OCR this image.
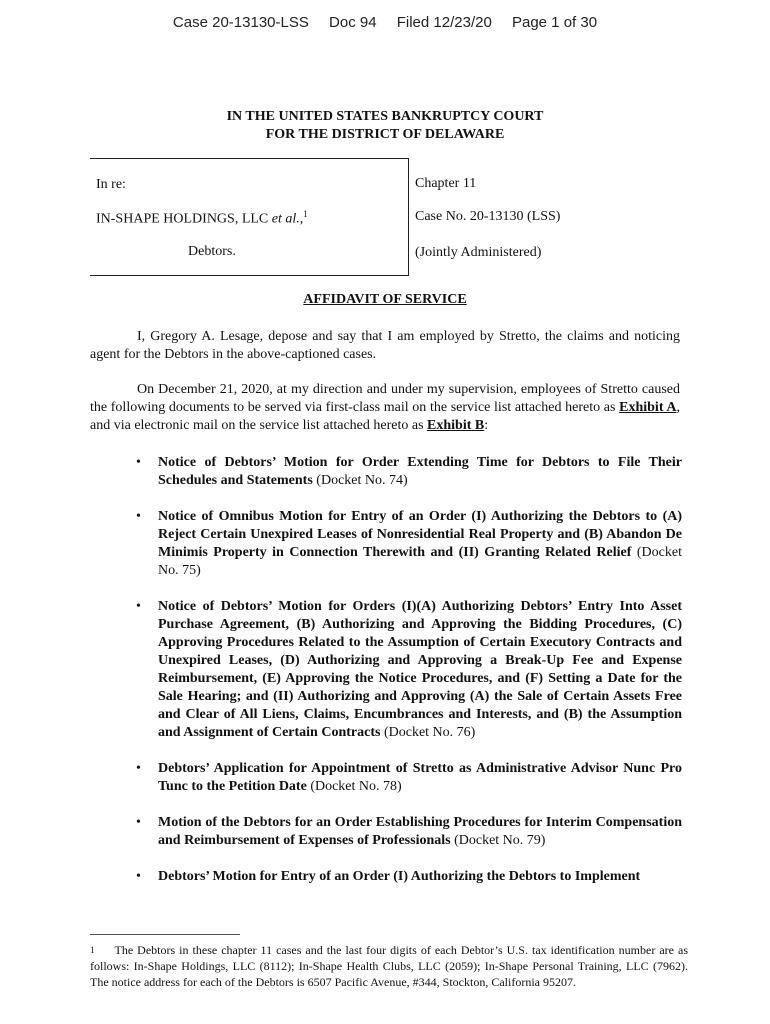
Case 20-13130-LSS Doc 94 Filed 12/23/20 Page 1 of 30
IN THE UNITED STATES BANKRUPTCY COURT
FOR THE DISTRICT OF DELAWARE
In re:
IN-SHAPE HOLDINGS, LLC et al.,$^1$
Debtors.
Chapter 11
Case No. 20-13130 (LSS)
(Jointly Administered)
AFFIDAVIT OF SERVICE
I, Gregory A. Lesage, depose and say that I am employed by Stretto, the claims and noticing agent for the Debtors in the above-captioned cases.
On December 21, 2020, at my direction and under my supervision, employees of Stretto caused the following documents to be served via first-class mail on the service list attached hereto as Exhibit A, and via electronic mail on the service list attached hereto as Exhibit B:
• Notice of Debtors’ Motion for Order Extending Time for Debtors to File Their Schedules and Statements (Docket No. 74)
• Notice of Omnibus Motion for Entry of an Order (I) Authorizing the Debtors to (A) Reject Certain Unexpired Leases of Nonresidential Real Property and (B) Abandon De Minimis Property in Connection Therewith and (II) Granting Related Relief (Docket No. 75)
• Notice of Debtors’ Motion for Orders (I)(A) Authorizing Debtors’ Entry Into Asset Purchase Agreement, (B) Authorizing and Approving the Bidding Procedures, (C) Approving Procedures Related to the Assumption of Certain Executory Contracts and Unexpired Leases, (D) Authorizing and Approving a Break-Up Fee and Expense Reimbursement, (E) Approving the Notice Procedures, and (F) Setting a Date for the Sale Hearing; and (II) Authorizing and Approving (A) the Sale of Certain Assets Free and Clear of All Liens, Claims, Encumbrances and Interests, and (B) the Assumption and Assignment of Certain Contracts (Docket No. 76)
• Debtors’ Application for Appointment of Stretto as Administrative Advisor Nunc Pro Tunc to the Petition Date (Docket No. 78)
• Motion of the Debtors for an Order Establishing Procedures for Interim Compensation and Reimbursement of Expenses of Professionals (Docket No. 79)
• Debtors’ Motion for Entry of an Order (I) Authorizing the Debtors to Implement
$^1$ The Debtors in these chapter 11 cases and the last four digits of each Debtor’s U.S. tax identification number are as follows: In-Shape Holdings, LLC (8112); In-Shape Health Clubs, LLC (2059); In-Shape Personal Training, LLC (7962). The notice address for each of the Debtors is 6507 Pacific Avenue, #344, Stockton, California 95207.
